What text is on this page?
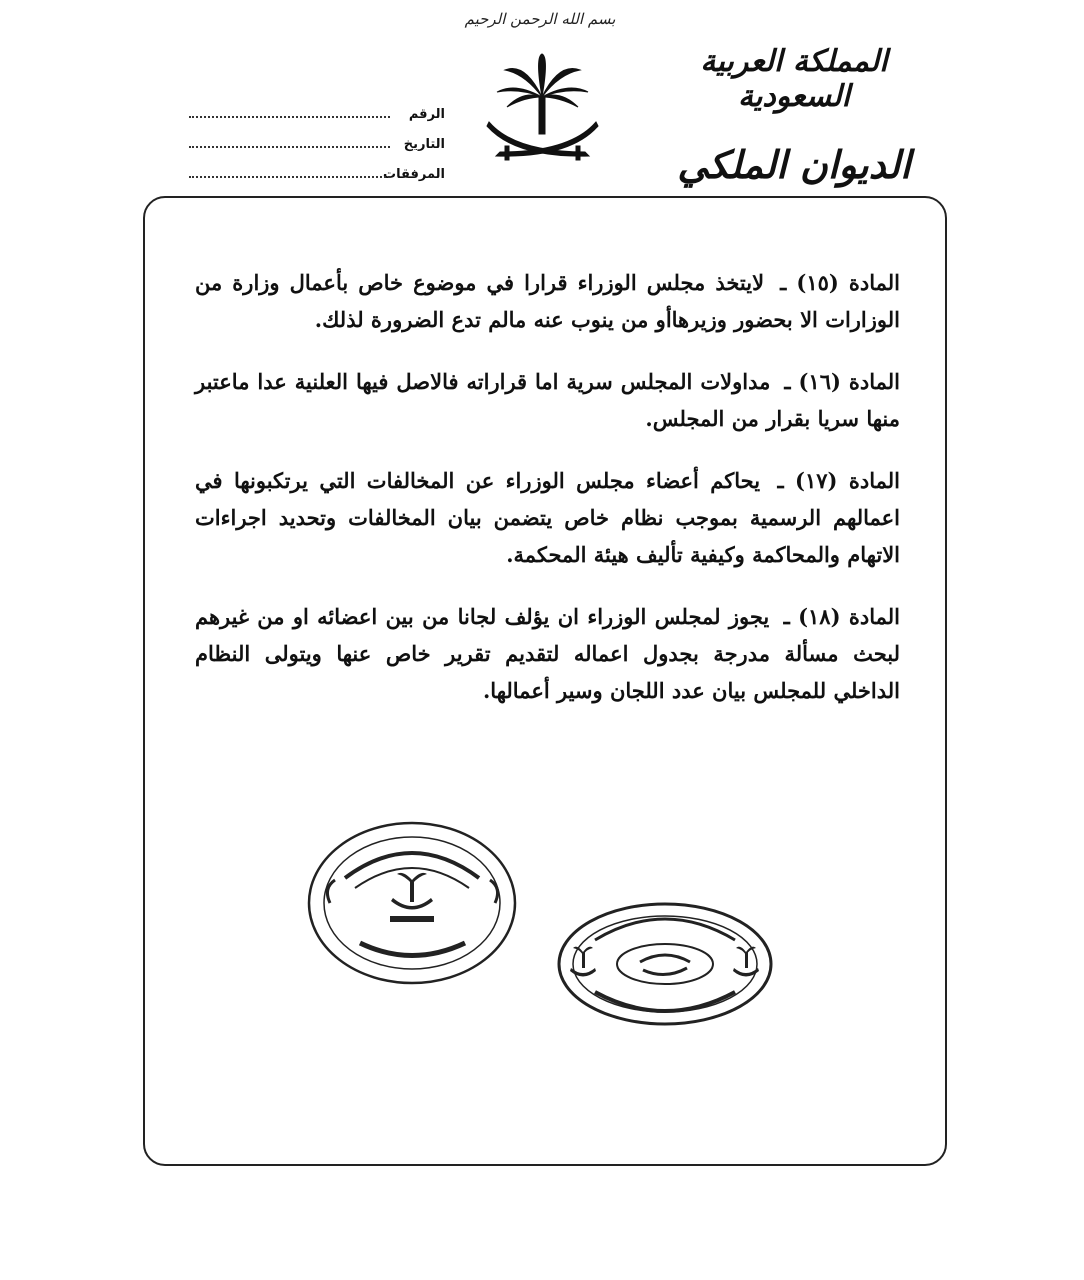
بسم الله الرحمن الرحيم
المملكة العربية السعودية
الديوان الملكي
الرقم
التاريخ
المرفقات
المادة (١٥) ـ لايتخذ مجلس الوزراء قرارا في موضوع خاص بأعمال وزارة من الوزارات الا بحضور وزيرهاأو من ينوب عنه مالم تدع الضرورة لذلك.
المادة (١٦) ـ مداولات المجلس سرية اما قراراته فالاصل فيها العلنية عدا ماعتبر منها سريا بقرار من المجلس.
المادة (١٧) ـ يحاكم أعضاء مجلس الوزراء عن المخالفات التي يرتكبونها في اعمالهم الرسمية بموجب نظام خاص يتضمن بيان المخالفات وتحديد اجراءات الاتهام والمحاكمة وكيفية تأليف هيئة المحكمة.
المادة (١٨) ـ يجوز لمجلس الوزراء ان يؤلف لجانا من بين اعضائه او من غيرهم لبحث مسألة مدرجة بجدول اعماله لتقديم تقرير خاص عنها ويتولى النظام الداخلي للمجلس بيان عدد اللجان وسير أعمالها.
